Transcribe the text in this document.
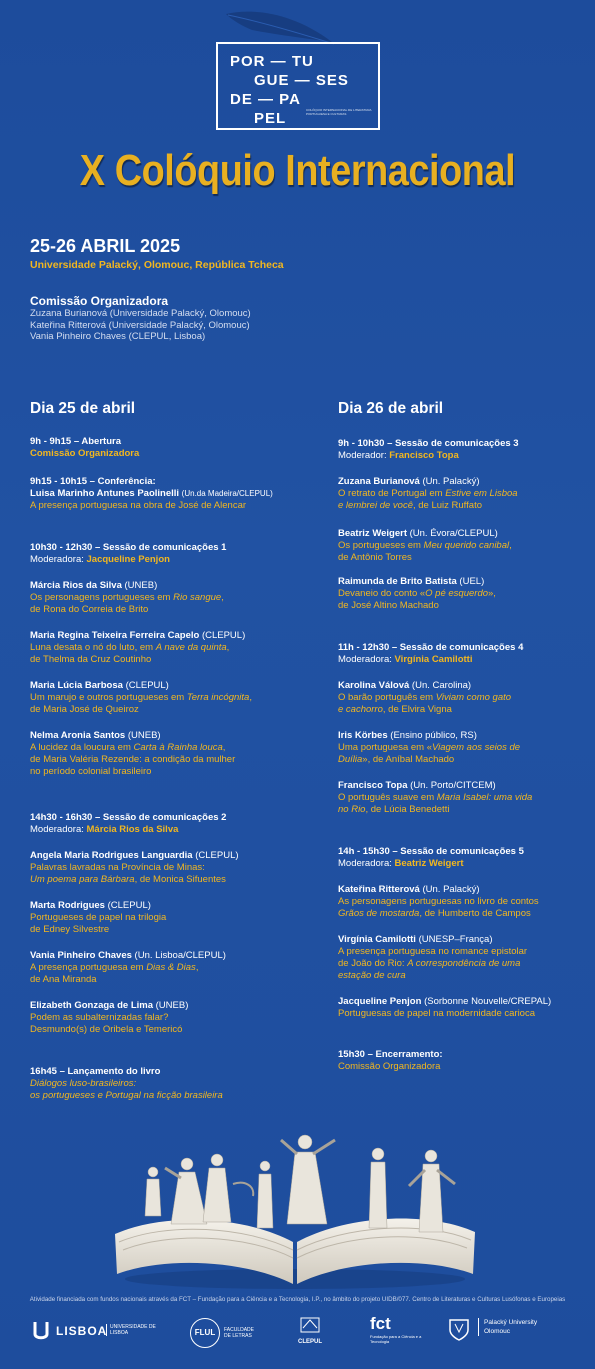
POR — TU
GUE — SES
DE — PA
PEL	COLÓQUIO INTERNACIONAL DE LITERATURA PORTUGUESA E CULTURAS
X Colóquio Internacional
25-26 ABRIL 2025
Universidade Palacký, Olomouc, República Tcheca
Comissão Organizadora
Zuzana Burianová (Universidade Palacký, Olomouc)
Kateřina Ritterová (Universidade Palacký, Olomouc)
Vania Pinheiro Chaves (CLEPUL, Lisboa)
Dia 25 de abril	Dia 26 de abril
9h - 9h15 – Abertura
Comissão Organizadora
9h15 - 10h15 – Conferência:
Luisa Marinho Antunes Paolinelli (Un.da Madeira/CLEPUL)
A presença portuguesa na obra de José de Alencar
10h30 - 12h30 – Sessão de comunicações 1
Moderadora: Jacqueline Penjon
Márcia Rios da Silva (UNEB)
Os personagens portugueses em Rio sangue,
de Rona do Correia de Brito
Maria Regina Teixeira Ferreira Capelo (CLEPUL)
Luna desata o nó do luto, em A nave da quinta,
de Thelma da Cruz Coutinho
Maria Lúcia Barbosa (CLEPUL)
Um marujo e outros portugueses em Terra incógnita,
de Maria José de Queiroz
Nelma Aronia Santos (UNEB)
A lucidez da loucura em Carta à Rainha louca,
de Maria Valéria Rezende: a condição da mulher
no período colonial brasileiro
14h30 - 16h30 – Sessão de comunicações 2
Moderadora: Márcia Rios da Silva
Angela Maria Rodrigues Languardia (CLEPUL)
Palavras lavradas na Província de Minas:
Um poema para Bárbara, de Monica Sifuentes
Marta Rodrigues (CLEPUL)
Portugueses de papel na trilogia
de Edney Silvestre
Vania Pinheiro Chaves (Un. Lisboa/CLEPUL)
A presença portuguesa em Dias & Dias,
de Ana Miranda
Elizabeth Gonzaga de Lima (UNEB)
Podem as subalternizadas falar?
Desmundo(s) de Oribela e Temericó
16h45 – Lançamento do livro
Diálogos luso-brasileiros:
os portugueses e Portugal na ficção brasileira
9h - 10h30 – Sessão de comunicações 3
Moderador: Francisco Topa
Zuzana Burianová (Un. Palacký)
O retrato de Portugal em Estive em Lisboa
e lembrei de você, de Luiz Ruffato
Beatriz Weigert (Un. Évora/CLEPUL)
Os portugueses em Meu querido canibal,
de Antônio Torres
Raimunda de Brito Batista (UEL)
Devaneio do conto «O pé esquerdo»,
de José Altino Machado
11h - 12h30 – Sessão de comunicações 4
Moderadora: Virgínia Camilotti
Karolina Válová (Un. Carolina)
O barão português em Viviam como gato
e cachorro, de Elvira Vigna
Iris Körbes (Ensino público, RS)
Uma portuguesa em «Viagem aos seios de
Duília», de Aníbal Machado
Francisco Topa (Un. Porto/CITCEM)
O português suave em Maria Isabel: uma vida
no Rio, de Lúcia Benedetti
14h - 15h30 – Sessão de comunicações 5
Moderadora: Beatriz Weigert
Kateřina Ritterová (Un. Palacký)
As personagens portuguesas no livro de contos
Grãos de mostarda, de Humberto de Campos
Virgínia Camilotti (UNESP–França)
A presença portuguesa no romance epistolar
de João do Rio: A correspondência de uma
estação de cura
Jacqueline Penjon (Sorbonne Nouvelle/CREPAL)
Portuguesas de papel na modernidade carioca
15h30 – Encerramento:
Comissão Organizadora
Atividade financiada com fundos nacionais através da FCT – Fundação para a Ciência e a Tecnologia, I.P., no âmbito do projeto UIDB/077. Centro de Literaturas e Culturas Lusófonas e Europeias
LISBOA UNIVERSIDADE DE LISBOA	FLUL	FACULDADE DE LETRAS
CLEPUL
fct
Fundação para a Ciência e a Tecnologia
Palacký University Olomouc
